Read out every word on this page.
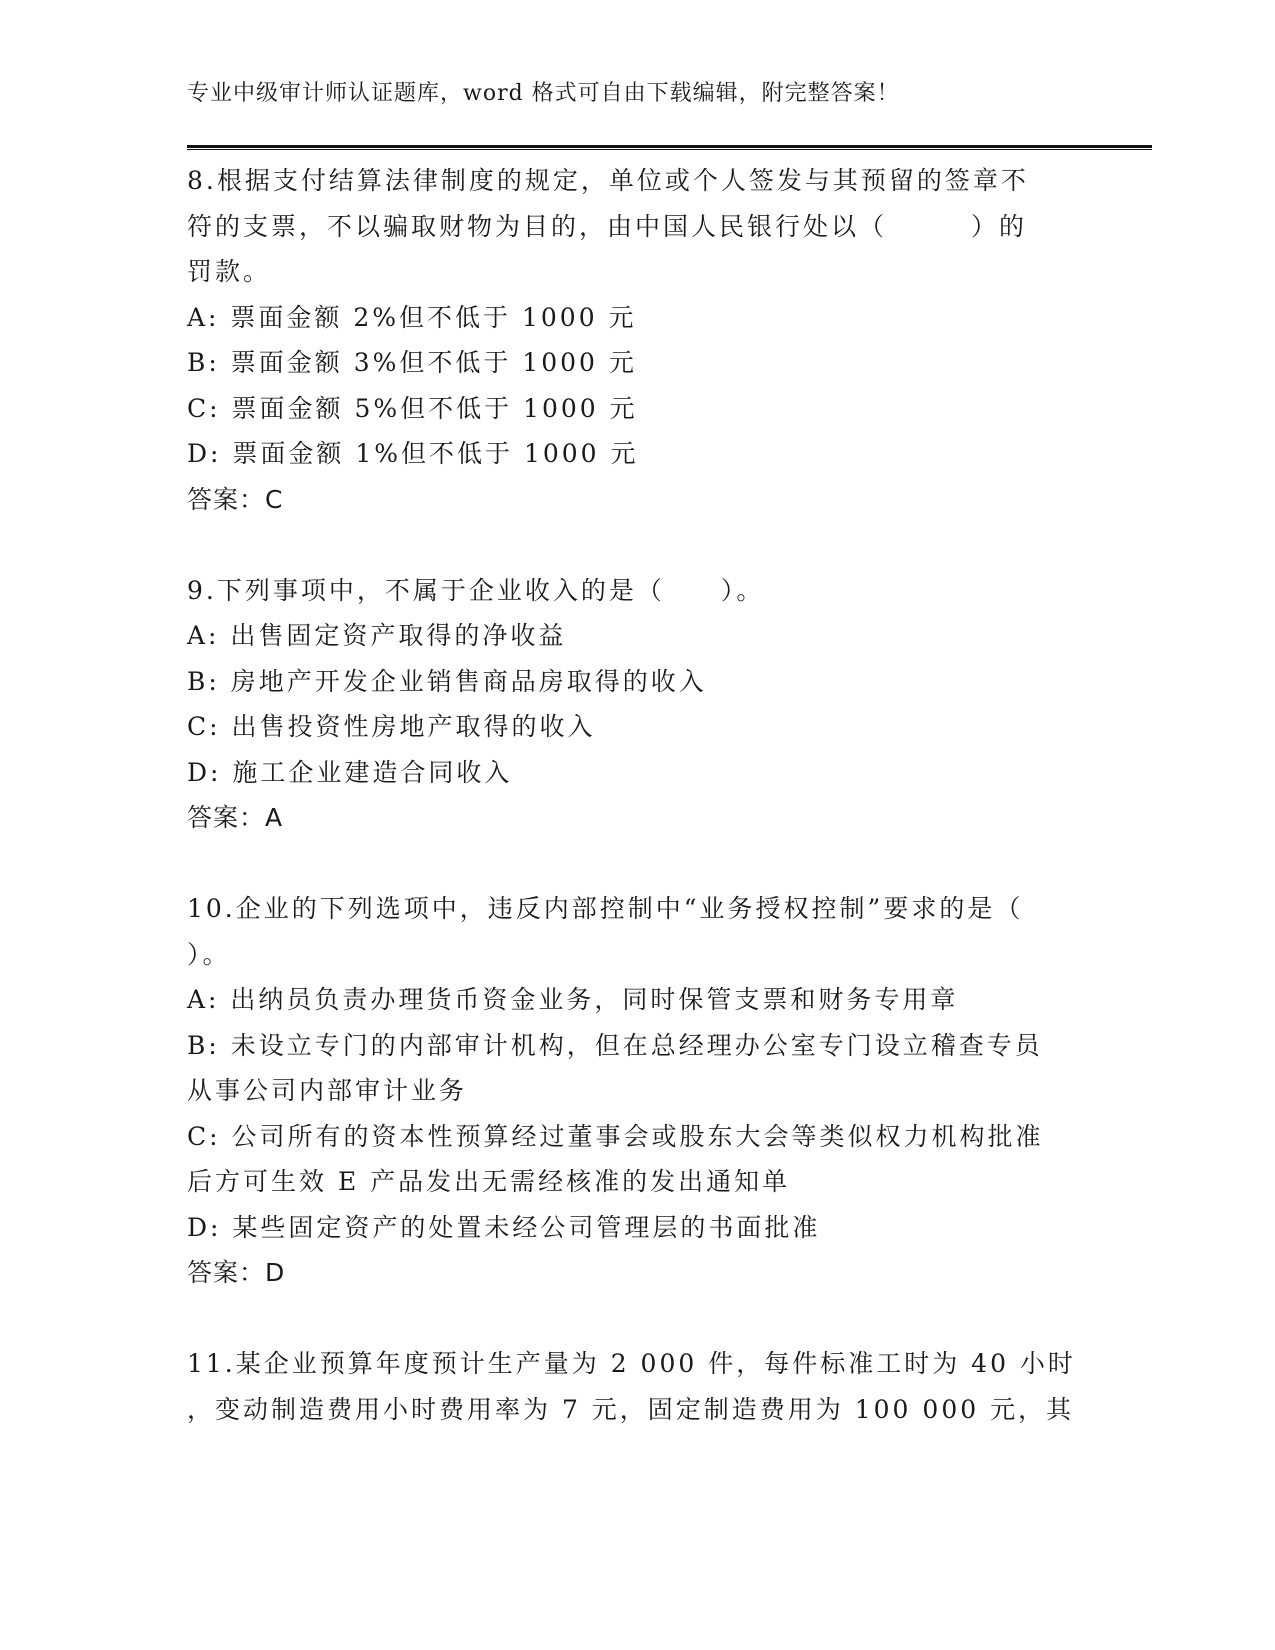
专业中级审计师认证题库，word 格式可自由下载编辑，附完整答案！
8.根据支付结算法律制度的规定，单位或个人签发与其预留的签章不
符的支票，不以骗取财物为目的，由中国人民银行处以（　　　）的
罚款。
A: 票面金额 2%但不低于 1000 元
B: 票面金额 3%但不低于 1000 元
C: 票面金额 5%但不低于 1000 元
D: 票面金额 1%但不低于 1000 元
答案：C
9.下列事项中，不属于企业收入的是（　　）。
A: 出售固定资产取得的净收益
B: 房地产开发企业销售商品房取得的收入
C: 出售投资性房地产取得的收入
D: 施工企业建造合同收入
答案：A
10.企业的下列选项中，违反内部控制中“业务授权控制”要求的是（
）。
A: 出纳员负责办理货币资金业务，同时保管支票和财务专用章
B: 未设立专门的内部审计机构，但在总经理办公室专门设立稽查专员
从事公司内部审计业务
C: 公司所有的资本性预算经过董事会或股东大会等类似权力机构批准
后方可生效 E 产品发出无需经核准的发出通知单
D: 某些固定资产的处置未经公司管理层的书面批准
答案：D
11.某企业预算年度预计生产量为 2 000 件，每件标准工时为 40 小时
，变动制造费用小时费用率为 7 元，固定制造费用为 100 000 元，其
